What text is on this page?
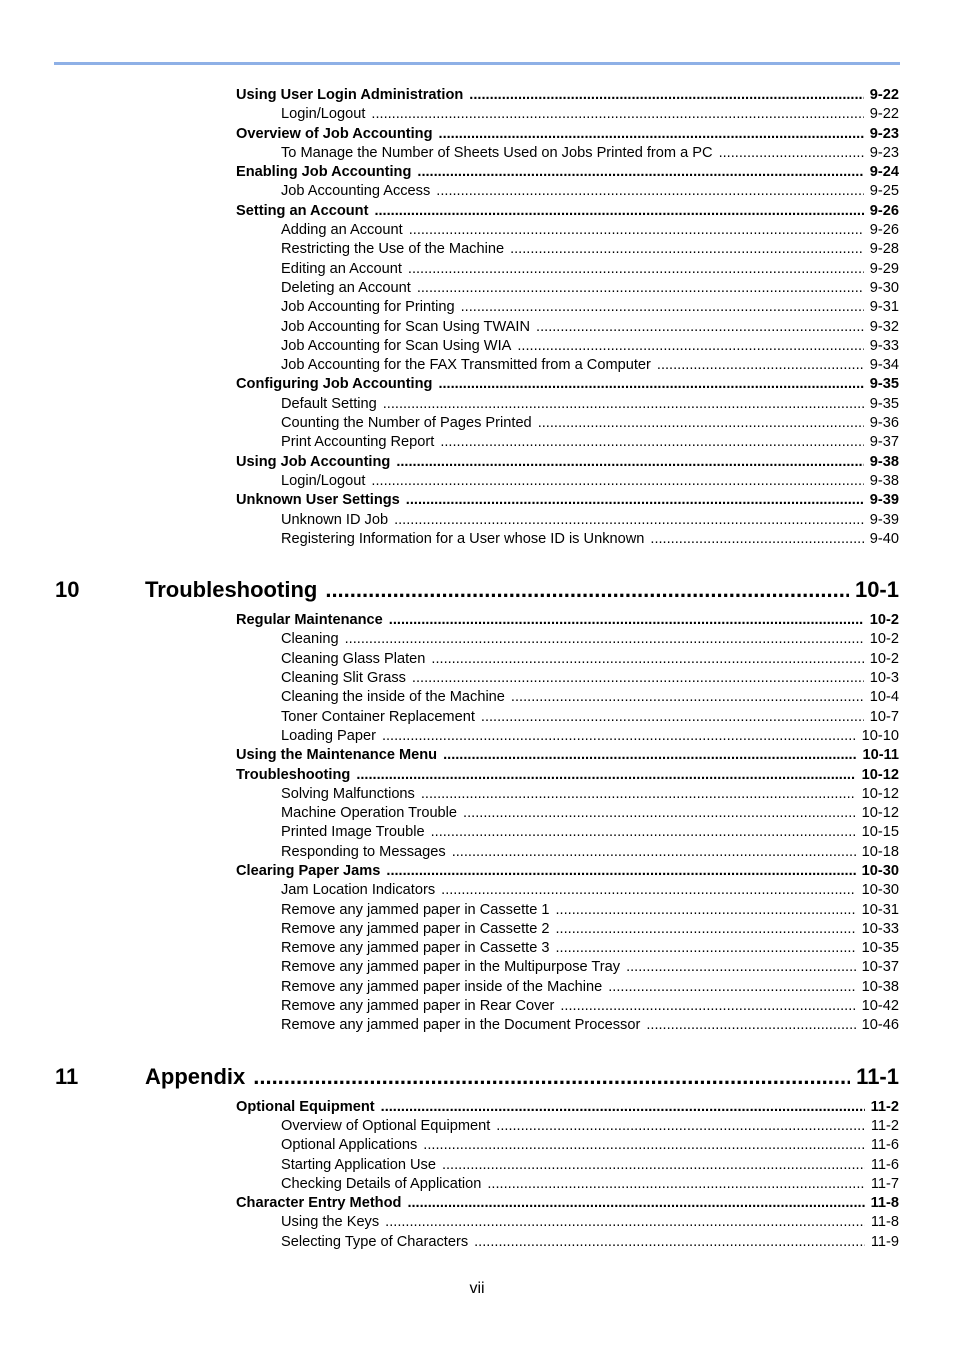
Using User Login Administration .....	9-22
Login/Logout .....	9-22
Overview of Job Accounting .....	9-23
To Manage the Number of Sheets Used on Jobs Printed from a PC .....	9-23
Enabling Job Accounting .....	9-24
Job Accounting Access .....	9-25
Setting an Account .....	9-26
Adding an Account .....	9-26
Restricting the Use of the Machine .....	9-28
Editing an Account .....	9-29
Deleting an Account .....	9-30
Job Accounting for Printing .....	9-31
Job Accounting for Scan Using TWAIN .....	9-32
Job Accounting for Scan Using WIA .....	9-33
Job Accounting for the FAX Transmitted from a Computer .....	9-34
Configuring Job Accounting .....	9-35
Default Setting .....	9-35
Counting the Number of Pages Printed .....	9-36
Print Accounting Report .....	9-37
Using Job Accounting .....	9-38
Login/Logout .....	9-38
Unknown User Settings .....	9-39
Unknown ID Job .....	9-39
Registering Information for a User whose ID is Unknown .....	9-40
10	Troubleshooting .....	10-1
Regular Maintenance .....	10-2
Cleaning .....	10-2
Cleaning Glass Platen .....	10-2
Cleaning Slit Grass .....	10-3
Cleaning the inside of the Machine .....	10-4
Toner Container Replacement .....	10-7
Loading Paper .....	10-10
Using the Maintenance Menu .....	10-11
Troubleshooting .....	10-12
Solving Malfunctions .....	10-12
Machine Operation Trouble .....	10-12
Printed Image Trouble .....	10-15
Responding to Messages .....	10-18
Clearing Paper Jams .....	10-30
Jam Location Indicators .....	10-30
Remove any jammed paper in Cassette 1 .....	10-31
Remove any jammed paper in Cassette 2 .....	10-33
Remove any jammed paper in Cassette 3 .....	10-35
Remove any jammed paper in the Multipurpose Tray .....	10-37
Remove any jammed paper inside of the Machine .....	10-38
Remove any jammed paper in Rear Cover .....	10-42
Remove any jammed paper in the Document Processor .....	10-46
11	Appendix .....	11-1
Optional Equipment .....	11-2
Overview of Optional Equipment .....	11-2
Optional Applications .....	11-6
Starting Application Use .....	11-6
Checking Details of Application .....	11-7
Character Entry Method .....	11-8
Using the Keys .....	11-8
Selecting Type of Characters .....	11-9
vii
